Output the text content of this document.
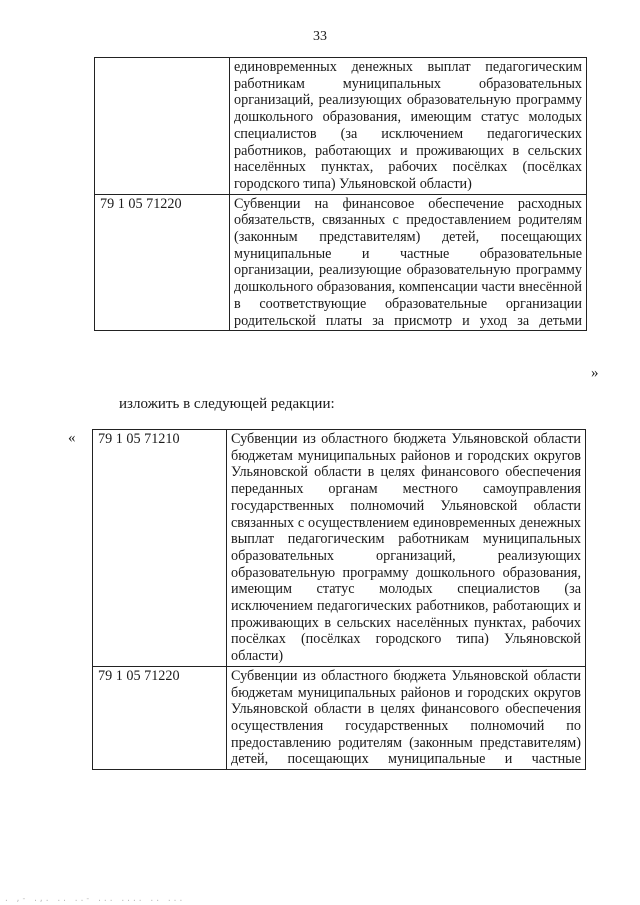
33
	единовременных денежных выплат педагогическим работникам муниципальных образовательных организаций, реализующих образовательную программу дошкольного образования, имеющим статус молодых специалистов (за исключением педагогических работников, работающих и проживающих в сельских населённых пунктах, рабочих посёлках (посёлках городского типа) Ульяновской области)
79 1 05 71220	Субвенции на финансовое обеспечение расходных обязательств, связанных с предоставлением родителям (законным представителям) детей, посещающих муниципальные и частные образовательные организации, реализующие образовательную программу дошкольного образования, компенсации части внесённой в соответствующие образовательные организации родительской платы за присмотр и уход за детьми
»
изложить в следующей редакции:
« 79 1 05 71210	Субвенции из областного бюджета Ульяновской области бюджетам муниципальных районов и городских округов Ульяновской области в целях финансового обеспечения переданных органам местного самоуправления государственных полномочий Ульяновской области связанных с осуществлением единовременных денежных выплат педагогическим работникам муниципальных образовательных организаций, реализующих образовательную программу дошкольного образования, имеющим статус молодых специалистов (за исключением педагогических работников, работающих и проживающих в сельских населённых пунктах, рабочих посёлках (посёлках городского типа) Ульяновской области)
79 1 05 71220	Субвенции из областного бюджета Ульяновской области бюджетам муниципальных районов и городских округов Ульяновской области в целях финансового обеспечения осуществления государственных полномочий по предоставлению родителям (законным представителям) детей, посещающих муниципальные и частные
. ,- .,. .. ..- ... .... .. ...
